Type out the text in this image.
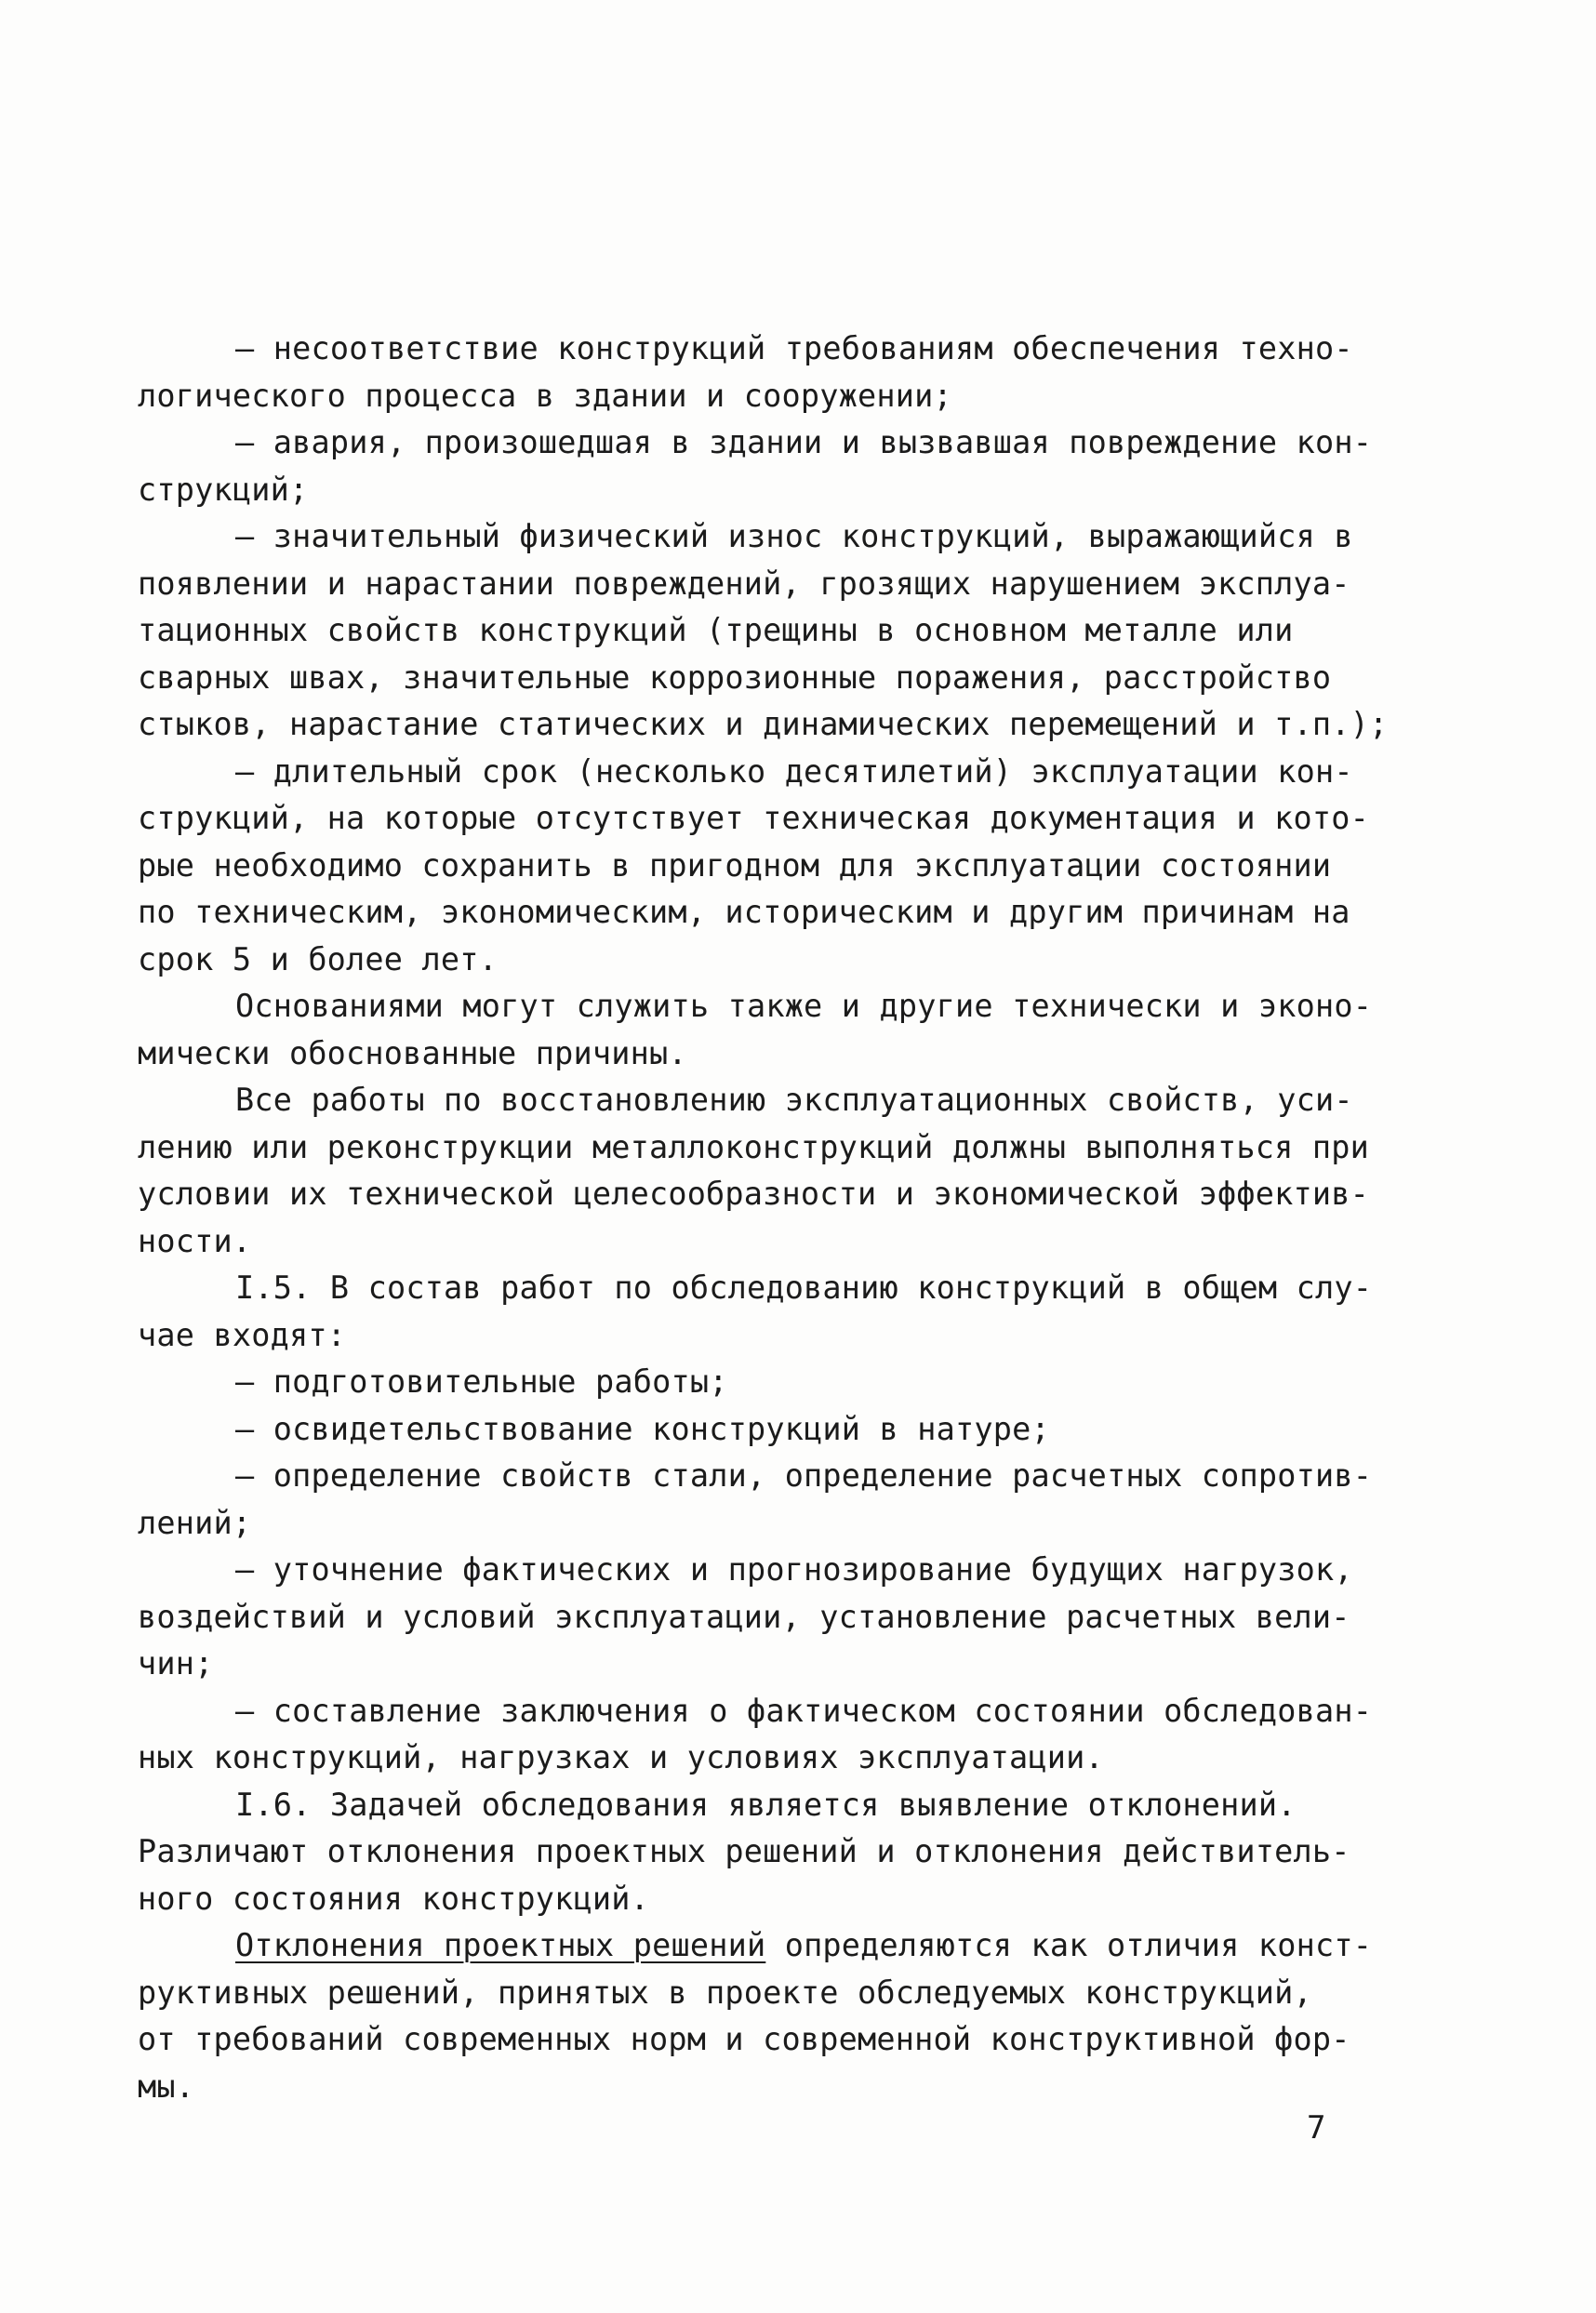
– несоответствие конструкций требованиям обеспечения техно-
логического процесса в здании и сооружении;
– авария, произошедшая в здании и вызвавшая повреждение кон-
струкций;
– значительный физический износ конструкций, выражающийся в
появлении и нарастании повреждений, грозящих нарушением эксплуа-
тационных свойств конструкций (трещины в основном металле или
сварных швах, значительные коррозионные поражения, расстройство
стыков, нарастание статических и динамических перемещений и т.п.);
– длительный срок (несколько десятилетий) эксплуатации кон-
струкций, на которые отсутствует техническая документация и кото-
рые необходимо сохранить в пригодном для эксплуатации состоянии
по техническим, экономическим, историческим и другим причинам на
срок 5 и более лет.
Основаниями могут служить также и другие технически и эконо-
мически обоснованные причины.
Все работы по восстановлению эксплуатационных свойств, уси-
лению или реконструкции металлоконструкций должны выполняться при
условии их технической целесообразности и экономической эффектив-
ности.
I.5. В состав работ по обследованию конструкций в общем слу-
чае входят:
– подготовительные работы;
– освидетельствование конструкций в натуре;
– определение свойств стали, определение расчетных сопротив-
лений;
– уточнение фактических и прогнозирование будущих нагрузок,
воздействий и условий эксплуатации, установление расчетных вели-
чин;
– составление заключения о фактическом состоянии обследован-
ных конструкций, нагрузках и условиях эксплуатации.
I.6. Задачей обследования является выявление отклонений.
Различают отклонения проектных решений и отклонения действитель-
ного состояния конструкций.
Отклонения проектных решений определяются как отличия конст-
руктивных решений, принятых в проекте обследуемых конструкций,
от требований современных норм и современной конструктивной фор-
мы.
7
